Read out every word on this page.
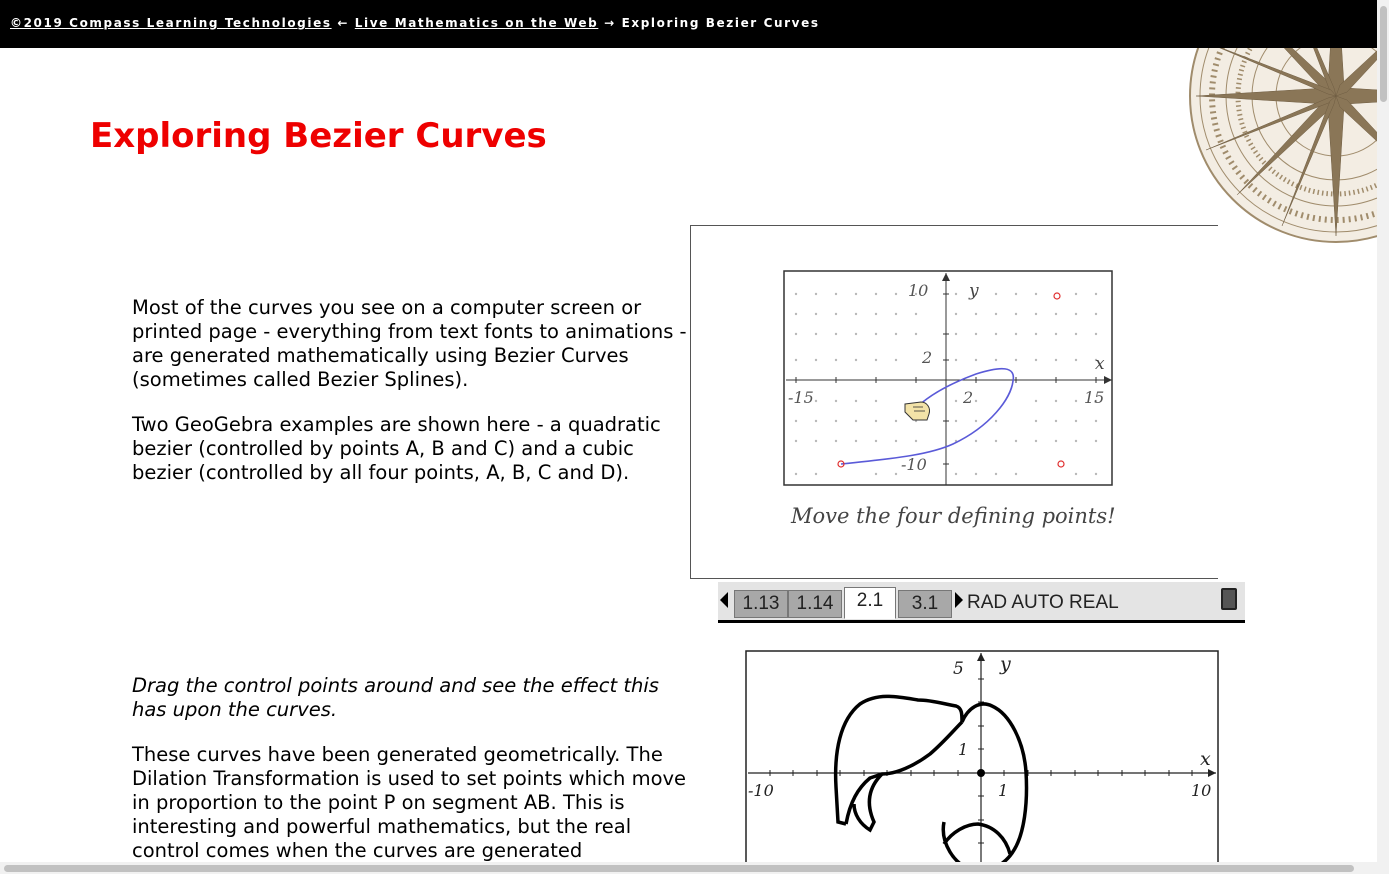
©2019 Compass Learning Technologies ← Live Mathematics on the Web → Exploring Bezier Curves
Exploring Bezier Curves

Most of the curves you see on a computer screen or printed page - everything from text fonts to animations - are generated mathematically using Bezier Curves (sometimes called Bezier Splines).

Two GeoGebra examples are shown here - a quadratic bezier (controlled by points A, B and C) and a cubic bezier (controlled by all four points, A, B, C and D).

Drag the control points around and see the effect this has upon the curves.

These curves have been generated geometrically. The Dilation Transformation is used to set points which move in proportion to the point P on segment AB. This is interesting and powerful mathematics, but the real control comes when the curves are generated

y
x
10
2
-15	2	15
-10
Move the four defining points!
1.13 1.14	2.1	3.1	RAD AUTO REAL
y
x
5
1
-10	1	10
